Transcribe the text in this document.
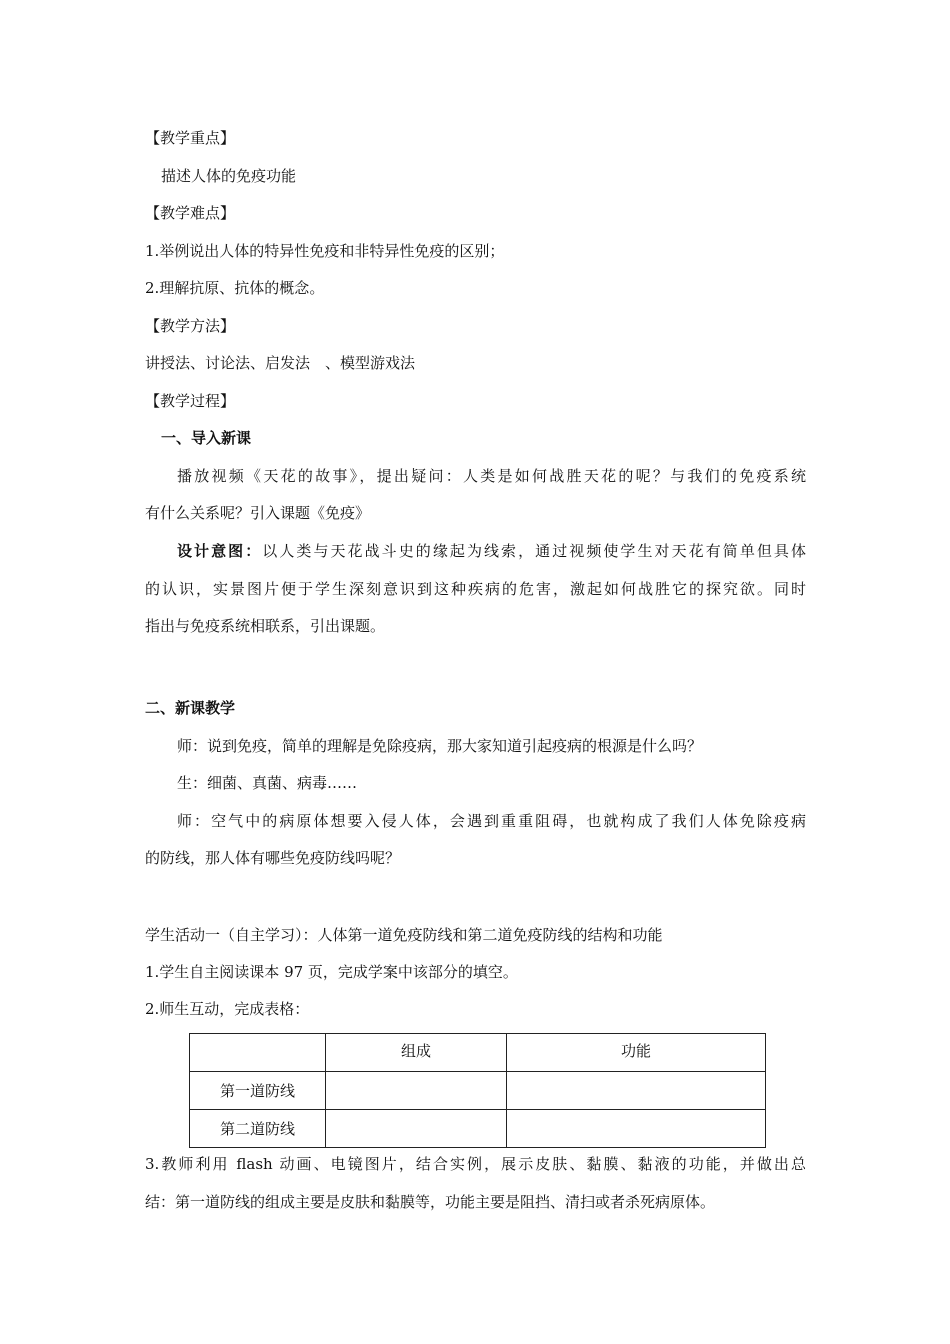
【教学重点】
描述人体的免疫功能
【教学难点】
1.举例说出人体的特异性免疫和非特异性免疫的区别；
2.理解抗原、抗体的概念。
【教学方法】
讲授法、讨论法、启发法　、模型游戏法
【教学过程】
一、导入新课
播放视频《天花的故事》，提出疑问：人类是如何战胜天花的呢？与我们的免疫系统
有什么关系呢？引入课题《免疫》
设计意图：以人类与天花战斗史的缘起为线索，通过视频使学生对天花有简单但具体
的认识，实景图片便于学生深刻意识到这种疾病的危害，激起如何战胜它的探究欲。同时
指出与免疫系统相联系，引出课题。
二、新课教学
师：说到免疫，简单的理解是免除疫病，那大家知道引起疫病的根源是什么吗？
生：细菌、真菌、病毒……
师：空气中的病原体想要入侵人体，会遇到重重阻碍，也就构成了我们人体免除疫病
的防线，那人体有哪些免疫防线吗呢？
学生活动一（自主学习）：人体第一道免疫防线和第二道免疫防线的结构和功能
1.学生自主阅读课本 97 页，完成学案中该部分的填空。
2.师生互动，完成表格：
	组成	功能
第一道防线		
第二道防线		
3.教师利用 flash 动画、电镜图片，结合实例，展示皮肤、黏膜、黏液的功能，并做出总
结：第一道防线的组成主要是皮肤和黏膜等，功能主要是阻挡、清扫或者杀死病原体。
